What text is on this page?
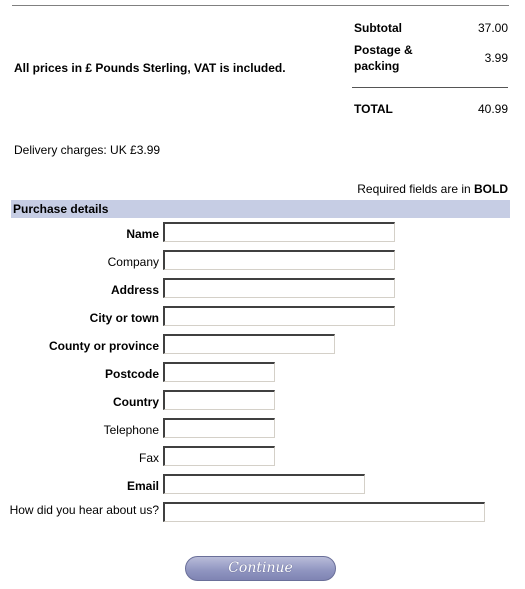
All prices in £ Pounds Sterling, VAT is included.
Subtotal	37.00
Postage &
packing
3.99
TOTAL	40.99
Delivery charges: UK £3.99
Required fields are in BOLD
Purchase details
Name
Company
Address
City or town
County or province
Postcode
Country
Telephone
Fax
Email
How did you hear about us?
Continue
